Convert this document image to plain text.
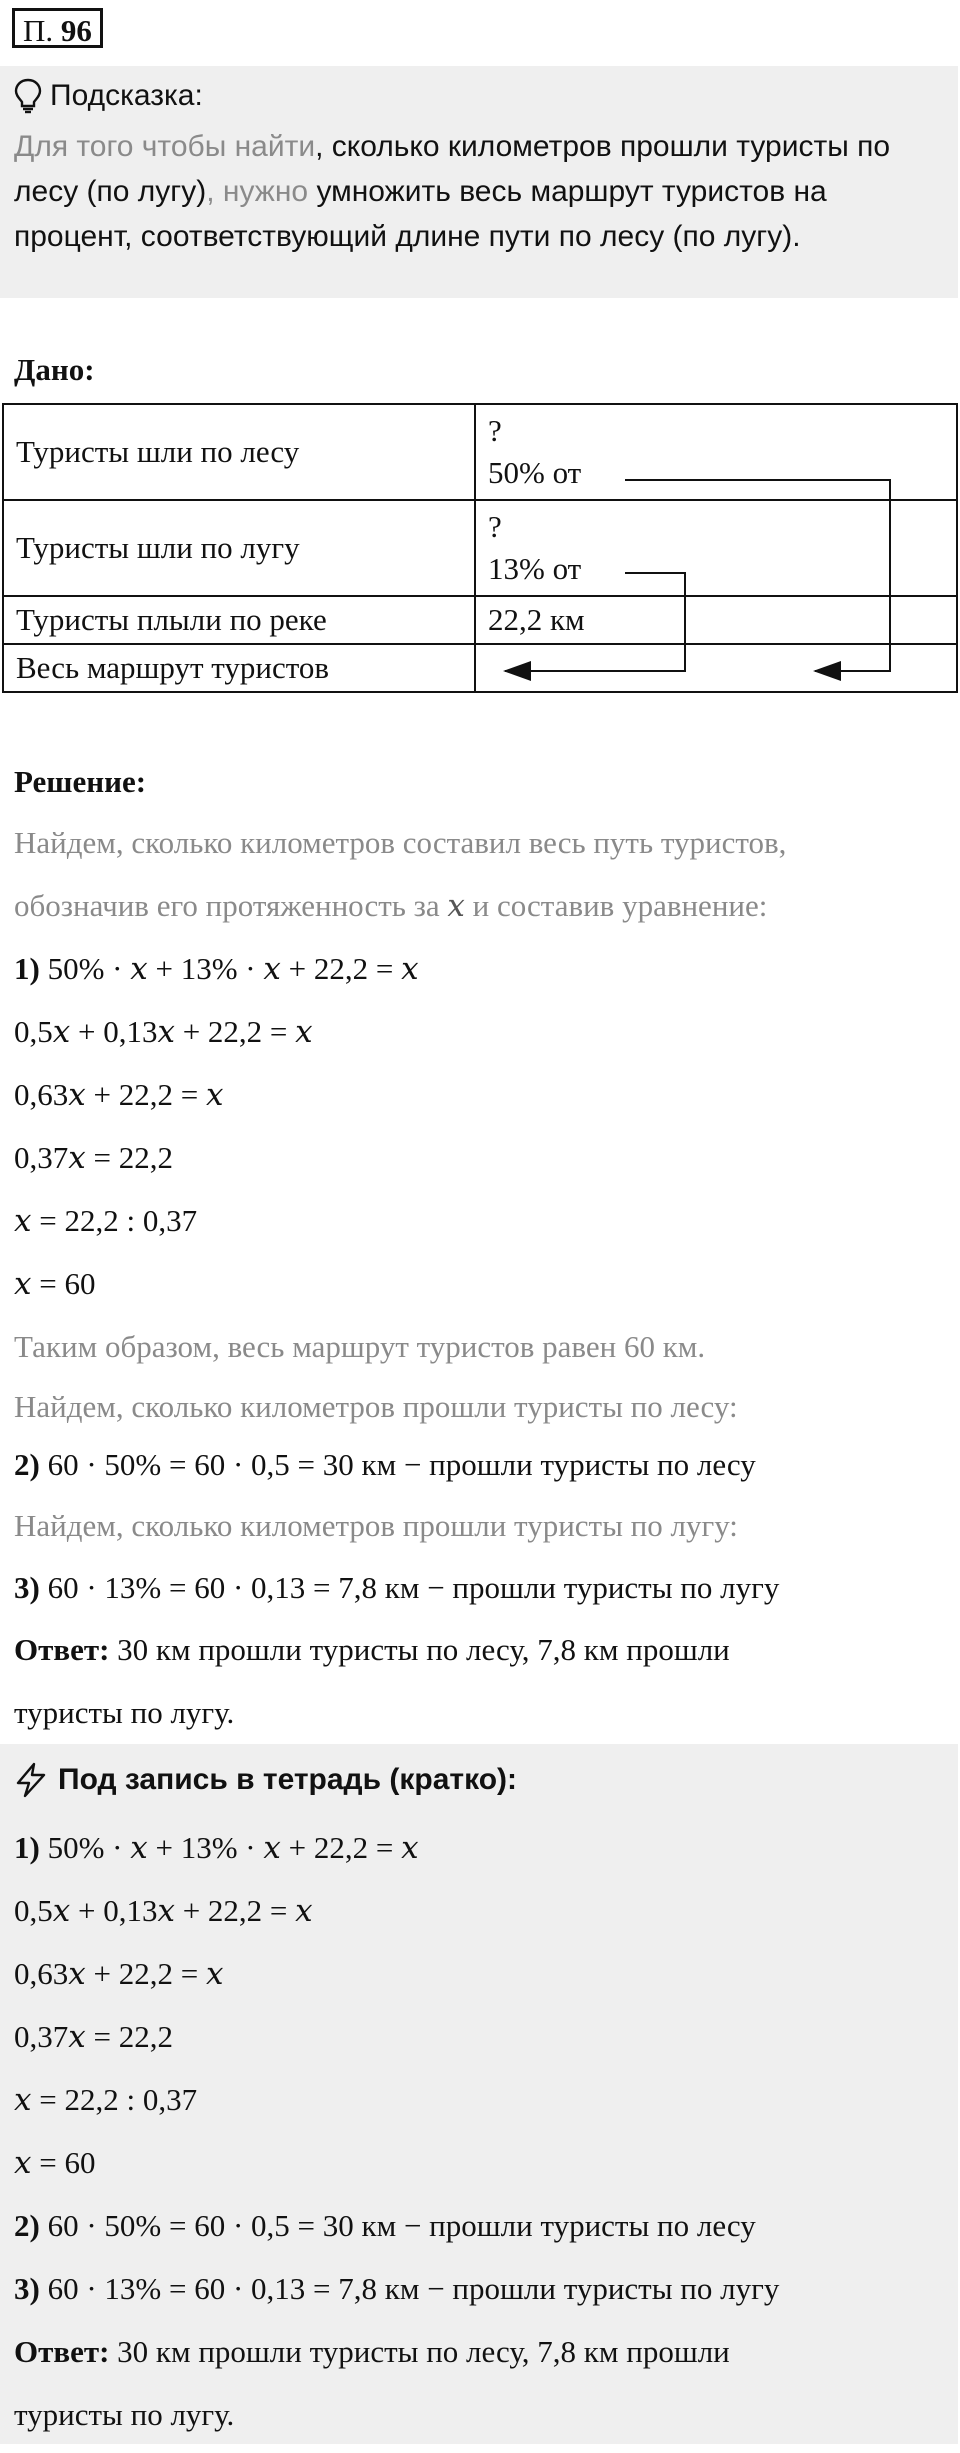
П. 96
Подсказка:
Для того чтобы найти, сколько километров прошли туристы по лесу (по лугу), нужно умножить весь маршрут туристов на процент, соответствующий длине пути по лесу (по лугу).
Дано:
Туристы шли по лесу	?
50% от

Туристы шли по лугу	?
13% от

Туристы плыли по реке	22,2 км
Весь маршрут туристов	
Решение:
Найдем, сколько километров составил весь путь туристов,
обозначив его протяженность за x и составив уравнение:
1) 50% · x + 13% · x + 22,2 = x
0,5x + 0,13x + 22,2 = x
0,63x + 22,2 = x
0,37x = 22,2
x = 22,2 : 0,37
x = 60
Таким образом, весь маршрут туристов равен 60 км.
Найдем, сколько километров прошли туристы по лесу:
2) 60 · 50% = 60 · 0,5 = 30 км − прошли туристы по лесу
Найдем, сколько километров прошли туристы по лугу:
3) 60 · 13% = 60 · 0,13 = 7,8 км − прошли туристы по лугу
Ответ: 30 км прошли туристы по лесу, 7,8 км прошли
туристы по лугу.
Под запись в тетрадь (кратко):
1) 50% · x + 13% · x + 22,2 = x
0,5x + 0,13x + 22,2 = x
0,63x + 22,2 = x
0,37x = 22,2
x = 22,2 : 0,37
x = 60
2) 60 · 50% = 60 · 0,5 = 30 км − прошли туристы по лесу
3) 60 · 13% = 60 · 0,13 = 7,8 км − прошли туристы по лугу
Ответ: 30 км прошли туристы по лесу, 7,8 км прошли
туристы по лугу.
